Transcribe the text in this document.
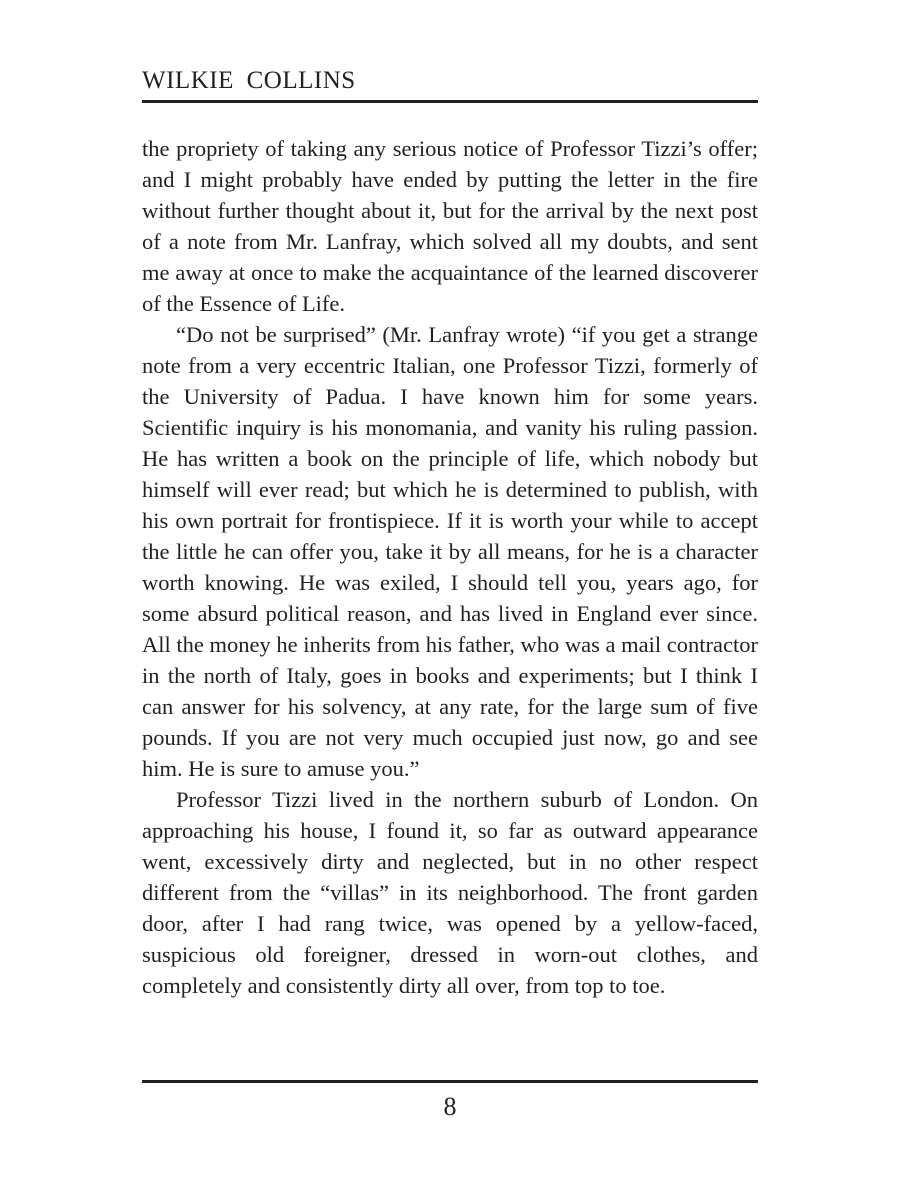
WILKIE COLLINS

the propriety of taking any serious notice of Professor Tizzi’s offer; and I might probably have ended by putting the letter in the fire without further thought about it, but for the arrival by the next post of a note from Mr. Lanfray, which solved all my doubts, and sent me away at once to make the acquaintance of the learned discoverer of the Essence of Life.

“Do not be surprised” (Mr. Lanfray wrote) “if you get a strange note from a very eccentric Italian, one Professor Tizzi, formerly of the University of Padua. I have known him for some years. Scientific inquiry is his monomania, and vanity his ruling passion. He has written a book on the principle of life, which nobody but himself will ever read; but which he is determined to publish, with his own portrait for frontispiece. If it is worth your while to accept the little he can offer you, take it by all means, for he is a character worth knowing. He was exiled, I should tell you, years ago, for some absurd political reason, and has lived in England ever since. All the money he inherits from his father, who was a mail contractor in the north of Italy, goes in books and experiments; but I think I can answer for his solvency, at any rate, for the large sum of five pounds. If you are not very much occupied just now, go and see him. He is sure to amuse you.”

Professor Tizzi lived in the northern suburb of London. On approaching his house, I found it, so far as outward appearance went, excessively dirty and neglected, but in no other respect different from the “villas” in its neighborhood. The front garden door, after I had rang twice, was opened by a yellow-faced, suspicious old foreigner, dressed in worn-out clothes, and completely and consistently dirty all over, from top to toe.

8
